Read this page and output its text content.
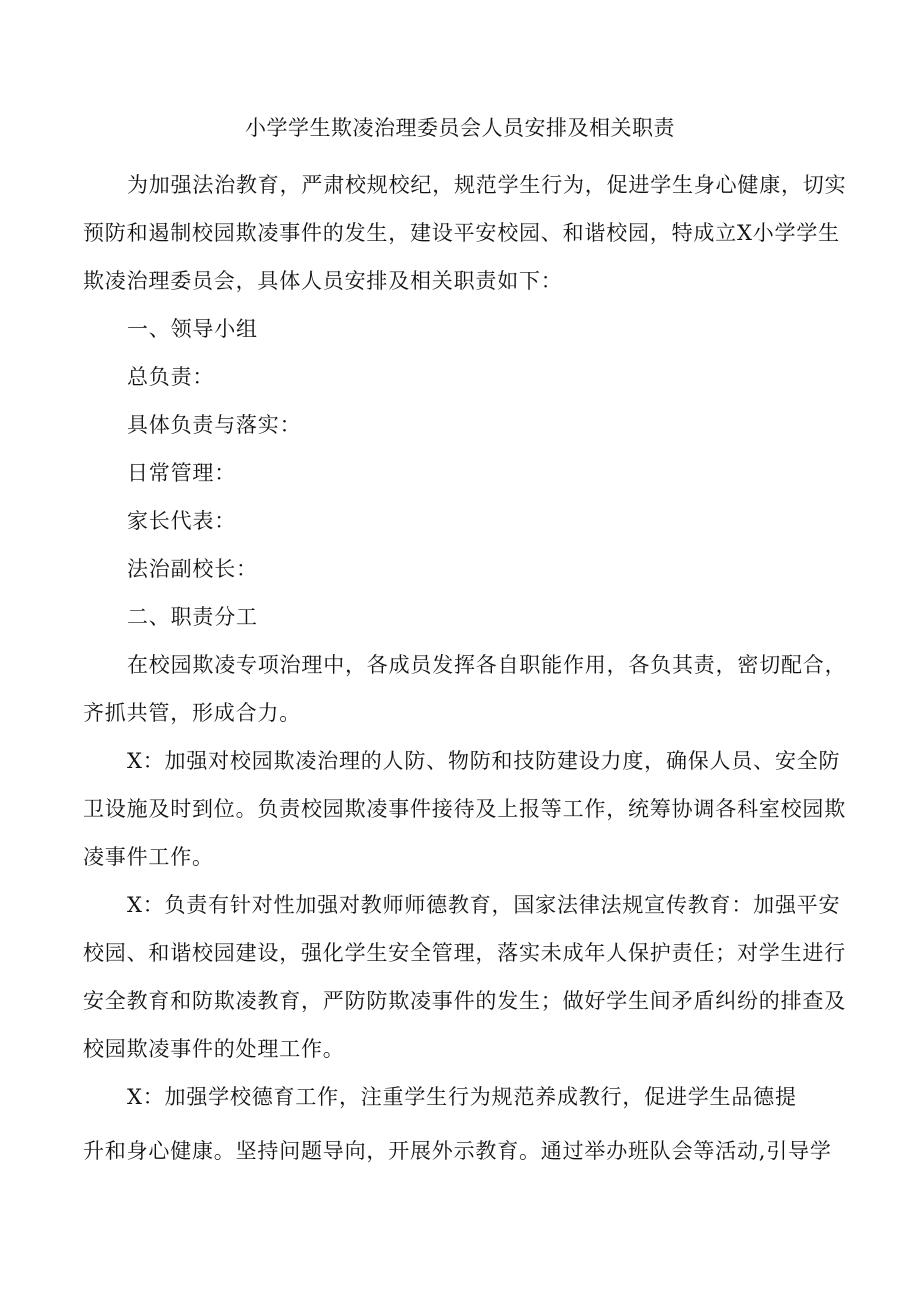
小学学生欺凌治理委员会人员安排及相关职责
为加强法治教育，严肃校规校纪，规范学生行为，促进学生身心健康，切实
预防和遏制校园欺凌事件的发生，建设平安校园、和谐校园，特成立X小学学生
欺凌治理委员会，具体人员安排及相关职责如下：
一、领导小组
总负责：
具体负责与落实：
日常管理：
家长代表：
法治副校长：
二、职责分工
在校园欺凌专项治理中，各成员发挥各自职能作用，各负其责，密切配合，
齐抓共管，形成合力。
X：加强对校园欺凌治理的人防、物防和技防建设力度，确保人员、安全防
卫设施及时到位。负责校园欺凌事件接待及上报等工作，统筹协调各科室校园欺
凌事件工作。
X：负责有针对性加强对教师师德教育，国家法律法规宣传教育：加强平安
校园、和谐校园建设，强化学生安全管理，落实未成年人保护责任；对学生进行
安全教育和防欺凌教育，严防防欺凌事件的发生；做好学生间矛盾纠纷的排查及
校园欺凌事件的处理工作。
X：加强学校德育工作，注重学生行为规范养成教行，促进学生品德提
升和身心健康。坚持问题导向，开展外示教育。通过举办班队会等活动,引导学
